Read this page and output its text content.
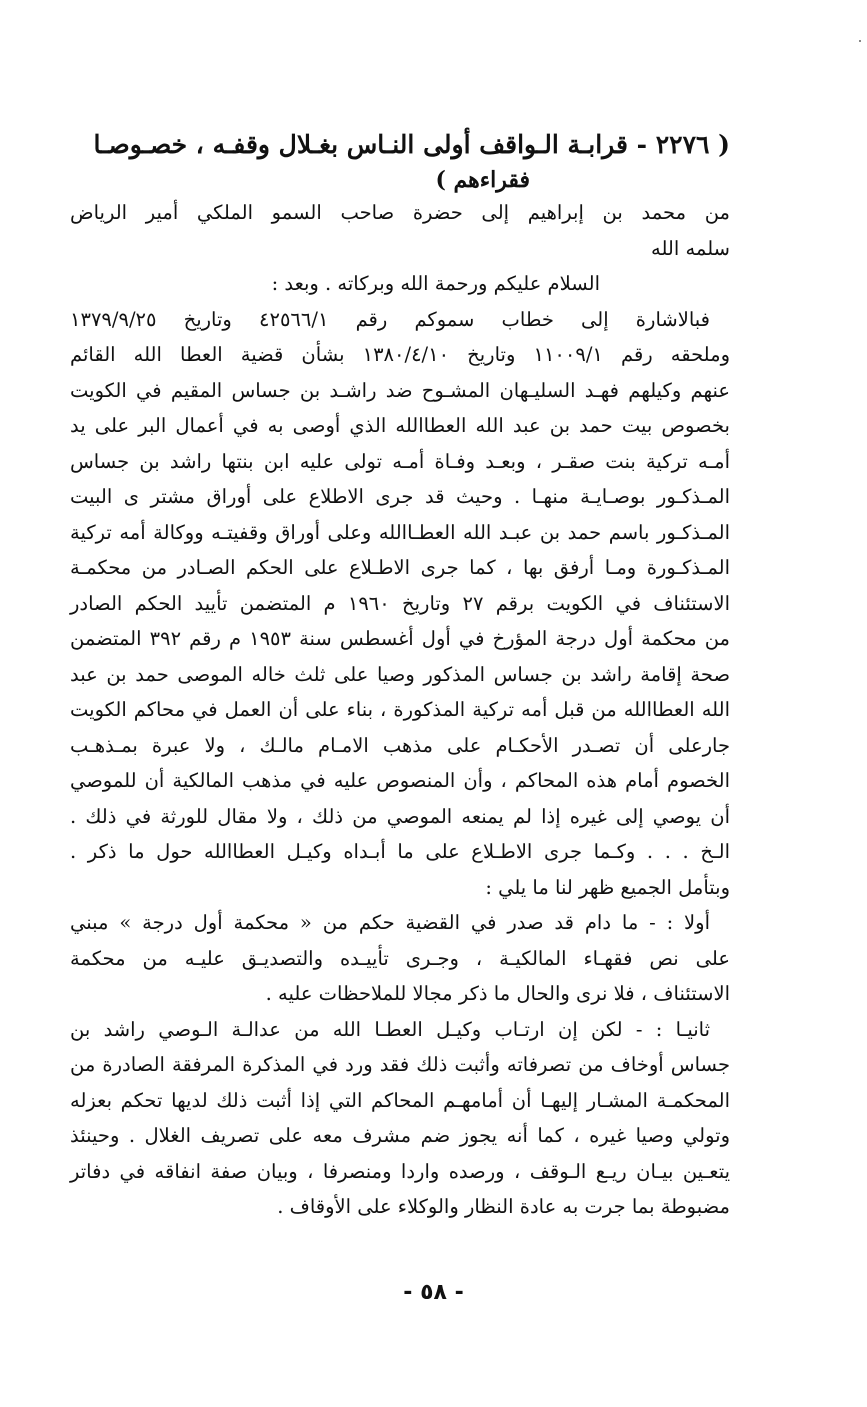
( ٢٢٧٦ - قرابـة الـواقف أولى النـاس بغـلال وقفـه ، خصـوصـا
فقراءهم )
من محمد بن إبراهيم إلى حضرة صاحب السمو الملكي أمير الرياض
سلمه الله
السلام عليكم ورحمة الله وبركاته . وبعد :
فبالاشارة إلى خطاب سموكم رقم ٤٢٥٦٦/١ وتاريخ ١٣٧٩/٩/٢٥
وملحقه رقم ١١٠٠٩/١ وتاريخ ١٣٨٠/٤/١٠ بشأن قضية العطا الله القائم
عنهم وكيلهم فهـد السليـهان المشـوح ضد راشـد بن جساس المقيم في الكويت
بخصوص بيت حمد بن عبد الله العطاالله الذي أوصى به في أعمال البر على يد
أمـه تركية بنت صقـر ، وبعـد وفـاة أمـه تولى عليه ابن بنتها راشد بن جساس
المـذكـور بوصـايـة منهـا . وحيث قد جرى الاطلاع على أوراق مشتر ى البيت
المـذكـور باسم حمد بن عبـد الله العطـاالله وعلى أوراق وقفيتـه ووكالة أمه تركية
المـذكـورة ومـا أرفق بها ، كما جرى الاطـلاع على الحكم الصـادر من محكمـة
الاستئناف في الكويت برقم ٢٧ وتاريخ ١٩٦٠ م المتضمن تأييد الحكم الصادر
من محكمة أول درجة المؤرخ في أول أغسطس سنة ١٩٥٣ م رقم ٣٩٢ المتضمن
صحة إقامة راشد بن جساس المذكور وصيا على ثلث خاله الموصى حمد بن عبد
الله العطاالله من قبل أمه تركية المذكورة ، بناء على أن العمل في محاكم الكويت
جارعلى أن تصـدر الأحكـام على مذهب الامـام مالـك ، ولا عبرة بمـذهـب
الخصوم أمام هذه المحاكم ، وأن المنصوص عليه في مذهب المالكية أن للموصي
أن يوصي إلى غيره إذا لم يمنعه الموصي من ذلك ، ولا مقال للورثة في ذلك .
الـخ . . . وكـما جرى الاطـلاع على ما أبـداه وكيـل العطاالله حول ما ذكر .
وبتأمل الجميع ظهر لنا ما يلي :
أولا : - ما دام قد صدر في القضية حكم من « محكمة أول درجة » مبني
على نص فقهـاء المالكيـة ، وجـرى تأييـده والتصديـق عليـه من محكمة
الاستئناف ، فلا نرى والحال ما ذكر مجالا للملاحظات عليه .
ثانيـا : - لكن إن ارتـاب وكيـل العطـا الله من عدالـة الـوصي راشد بن
جساس أوخاف من تصرفاته وأثبت ذلك فقد ورد في المذكرة المرفقة الصادرة من
المحكمـة المشـار إليهـا أن أمامهـم المحاكم التي إذا أثبت ذلك لديها تحكم بعزله
وتولي وصيا غيره ، كما أنه يجوز ضم مشرف معه على تصريف الغلال . وحينئذ
يتعـين بيـان ريـع الـوقف ، ورصده واردا ومنصرفا ، وبيان صفة انفاقه في دفاتر
مضبوطة بما جرت به عادة النظار والوكلاء على الأوقاف .
- ٥٨ -
